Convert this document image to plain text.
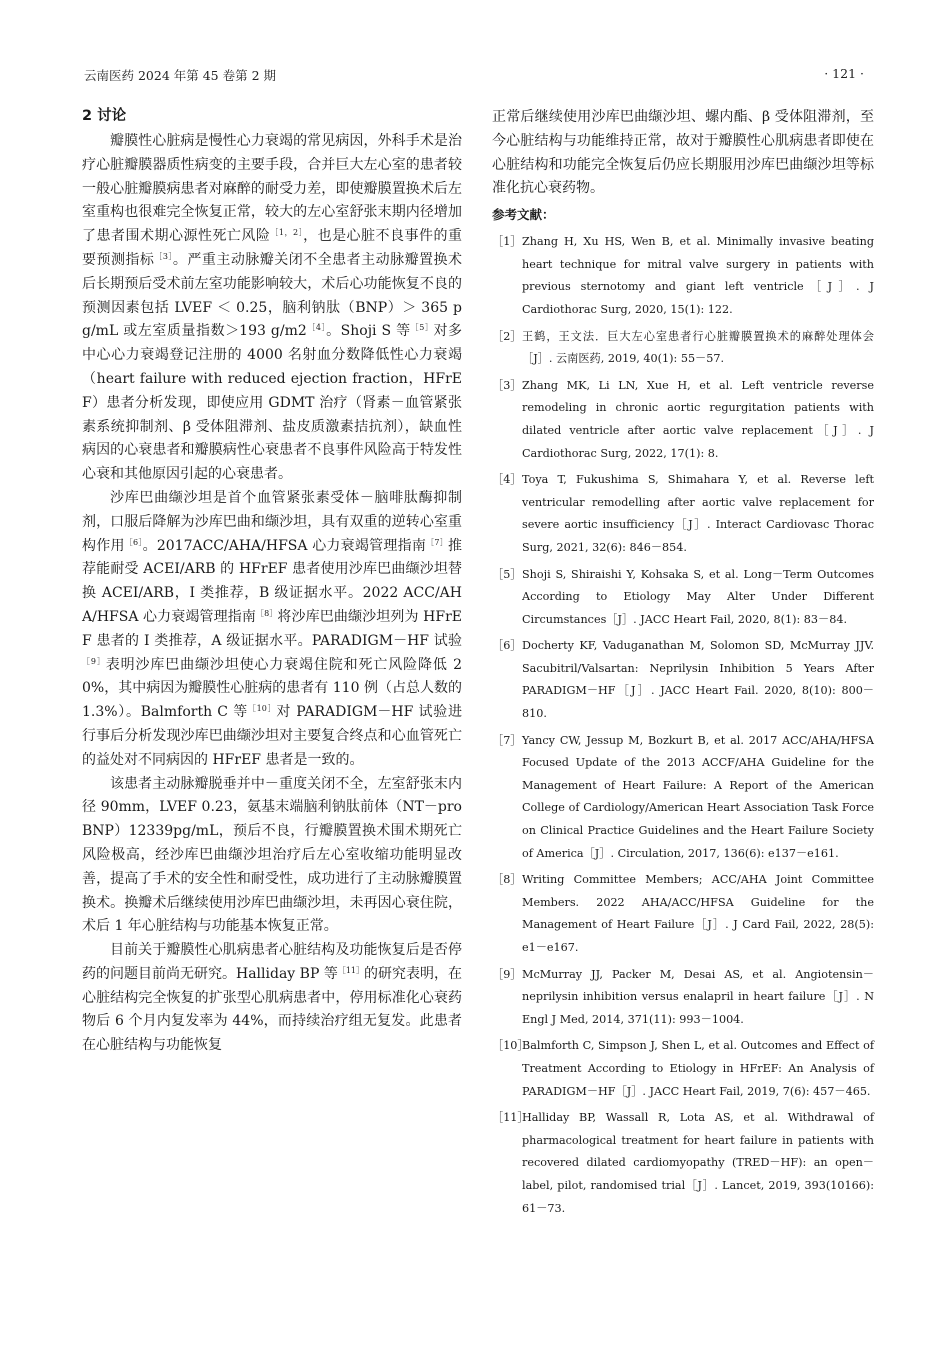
云南医药 2024 年第 45 卷第 2 期	· 121 ·
2 讨论

瓣膜性心脏病是慢性心力衰竭的常见病因，外科手术是治疗心脏瓣膜器质性病变的主要手段，合并巨大左心室的患者较一般心脏瓣膜病患者对麻醉的耐受力差，即使瓣膜置换术后左室重构也很难完全恢复正常，较大的左心室舒张末期内径增加了患者围术期心源性死亡风险$^{[1,2]}$，也是心脏不良事件的重要预测指标$^{[3]}$。严重主动脉瓣关闭不全患者主动脉瓣置换术后长期预后受术前左室功能影响较大，术后心功能恢复不良的预测因素包括 LVEF ＜ 0.25，脑利钠肽（BNP）＞ 365 pg/mL 或左室质量指数＞193 $g/m2^{[4]}$。Shoji S 等$^{[5]}$对多中心心力衰竭登记注册的 4000 名射血分数降低性心力衰竭（heart failure with reduced ejection fraction，HFrEF）患者分析发现，即使应用 GDMT 治疗（肾素－血管紧张素系统抑制剂、β 受体阻滞剂、盐皮质激素拮抗剂），缺血性病因的心衰患者和瓣膜病性心衰患者不良事件风险高于特发性心衰和其他原因引起的心衰患者。

沙库巴曲缬沙坦是首个血管紧张素受体－脑啡肽酶抑制剂，口服后降解为沙库巴曲和缬沙坦，具有双重的逆转心室重构作用$^{[6]}$。2017ACC/AHA/HFSA 心力衰竭管理指南$^{[7]}$推荐能耐受 ACEI/ARB 的 HFrEF 患者使用沙库巴曲缬沙坦替换 ACEI/ARB，I 类推荐，B 级证据水平。2022 ACC/AHA/HFSA 心力衰竭管理指南$^{[8]}$将沙库巴曲缬沙坦列为 HFrEF 患者的 I 类推荐，A 级证据水平。PARADIGM－HF 试验$^{[9]}$表明沙库巴曲缬沙坦使心力衰竭住院和死亡风险降低 20%，其中病因为瓣膜性心脏病的患者有 110 例（占总人数的 1.3%）。Balmforth C 等$^{[10]}$对 PARADIGM－HF 试验进行事后分析发现沙库巴曲缬沙坦对主要复合终点和心血管死亡的益处对不同病因的 HFrEF 患者是一致的。

该患者主动脉瓣脱垂并中－重度关闭不全，左室舒张末内径 90mm，LVEF 0.23，氨基末端脑利钠肽前体（NT－proBNP）12339pg/mL，预后不良，行瓣膜置换术围术期死亡风险极高，经沙库巴曲缬沙坦治疗后左心室收缩功能明显改善，提高了手术的安全性和耐受性，成功进行了主动脉瓣膜置换术。换瓣术后继续使用沙库巴曲缬沙坦，未再因心衰住院，术后 1 年心脏结构与功能基本恢复正常。

目前关于瓣膜性心肌病患者心脏结构及功能恢复后是否停药的问题目前尚无研究。Halliday BP 等$^{[11]}$的研究表明，在心脏结构完全恢复的扩张型心肌病患者中，停用标准化心衰药物后 6 个月内复发率为 44%，而持续治疗组无复发。此患者在心脏结构与功能恢复

正常后继续使用沙库巴曲缬沙坦、螺内酯、β 受体阻滞剂，至今心脏结构与功能维持正常，故对于瓣膜性心肌病患者即使在心脏结构和功能完全恢复后仍应长期服用沙库巴曲缬沙坦等标准化抗心衰药物。

参考文献：
［1］ Zhang H, Xu HS, Wen B, et al. Minimally invasive beating heart technique for mitral valve surgery in patients with previous sternotomy and giant left ventricle［J］. J Cardiothorac Surg, 2020, 15(1): 122.
［2］ 王鹤，王文法．巨大左心室患者行心脏瓣膜置换术的麻醉处理体会［J］. 云南医药, 2019, 40(1): 55－57.
［3］ Zhang MK, Li LN, Xue H, et al. Left ventricle reverse remodeling in chronic aortic regurgitation patients with dilated ventricle after aortic valve replacement［J］. J Cardiothorac Surg, 2022, 17(1): 8.
［4］ Toya T, Fukushima S, Shimahara Y, et al. Reverse left ventricular remodelling after aortic valve replacement for severe aortic insufficiency［J］. Interact Cardiovasc Thorac Surg, 2021, 32(6): 846－854.
［5］ Shoji S, Shiraishi Y, Kohsaka S, et al. Long－Term Outcomes According to Etiology May Alter Under Different Circumstances［J］. JACC Heart Fail, 2020, 8(1): 83－84.
［6］ Docherty KF, Vaduganathan M, Solomon SD, McMurray JJV. Sacubitril/Valsartan: Neprilysin Inhibition 5 Years After PARADIGM－HF［J］. JACC Heart Fail. 2020, 8(10): 800－810.
［7］ Yancy CW, Jessup M, Bozkurt B, et al. 2017 ACC/AHA/HFSA Focused Update of the 2013 ACCF/AHA Guideline for the Management of Heart Failure: A Report of the American College of Cardiology/American Heart Association Task Force on Clinical Practice Guidelines and the Heart Failure Society of America［J］. Circulation, 2017, 136(6): e137－e161.
［8］ Writing Committee Members; ACC/AHA Joint Committee Members. 2022 AHA/ACC/HFSA Guideline for the Management of Heart Failure［J］. J Card Fail, 2022, 28(5): e1－e167.
［9］ McMurray JJ, Packer M, Desai AS, et al. Angiotensin－neprilysin inhibition versus enalapril in heart failure［J］. N Engl J Med, 2014, 371(11): 993－1004.
［10］
Balmforth C, Simpson J, Shen L, et al. Outcomes and Effect of Treatment According to Etiology in HFrEF: An Analysis of PARADIGM－HF［J］. JACC Heart Fail, 2019, 7(6): 457－465.
［11］
Halliday BP, Wassall R, Lota AS, et al. Withdrawal of pharmacological treatment for heart failure in patients with recovered dilated cardiomyopathy (TRED－HF): an open－label, pilot, randomised trial［J］. Lancet, 2019, 393(10166): 61－73.
